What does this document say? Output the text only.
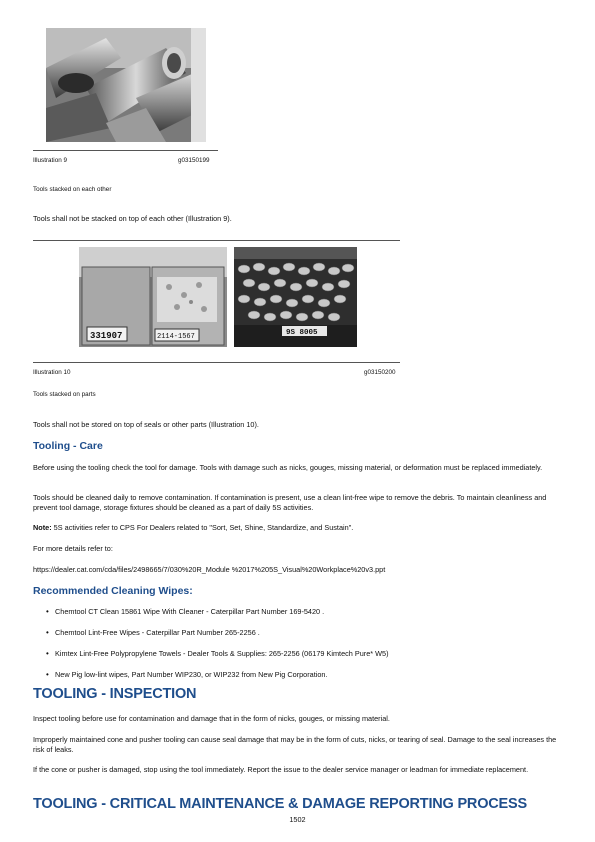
Illustration 9	g03150199
Tools stacked on each other

Tools shall not be stacked on top of each other (Illustration 9).

331907	2114-1567	9S 8005
Illustration 10	g03150200
Tools stacked on parts

Tools shall not be stored on top of seals or other parts (Illustration 10).

Tooling - Care

Before using the tooling check the tool for damage. Tools with damage such as nicks, gouges, missing material, or deformation must be replaced immediately.

Tools should be cleaned daily to remove contamination. If contamination is present, use a clean lint-free wipe to remove the debris. To maintain cleanliness and prevent tool damage, storage fixtures should be cleaned as a part of daily 5S activities.

Note: 5S activities refer to CPS For Dealers related to "Sort, Set, Shine, Standardize, and Sustain".

For more details refer to:

https://dealer.cat.com/cda/files/2498665/7/030%20R_Module %2017%205S_Visual%20Workplace%20v3.ppt

Recommended Cleaning Wipes:
• Chemtool CT Clean 15861 Wipe With Cleaner - Caterpillar Part Number 169-5420 .
• Chemtool Lint-Free Wipes - Caterpillar Part Number 265-2256 .
• Kimtex Lint-Free Polypropylene Towels - Dealer Tools & Supplies: 265-2256 (06179 Kimtech Pure* W5)
• New Pig low-lint wipes, Part Number WIP230, or WIP232 from New Pig Corporation.
TOOLING - INSPECTION

Inspect tooling before use for contamination and damage that in the form of nicks, gouges, or missing material.

Improperly maintained cone and pusher tooling can cause seal damage that may be in the form of cuts, nicks, or tearing of seal. Damage to the seal increases the risk of leaks.

If the cone or pusher is damaged, stop using the tool immediately. Report the issue to the dealer service manager or leadman for immediate replacement.

TOOLING - CRITICAL MAINTENANCE & DAMAGE REPORTING PROCESS
1502
